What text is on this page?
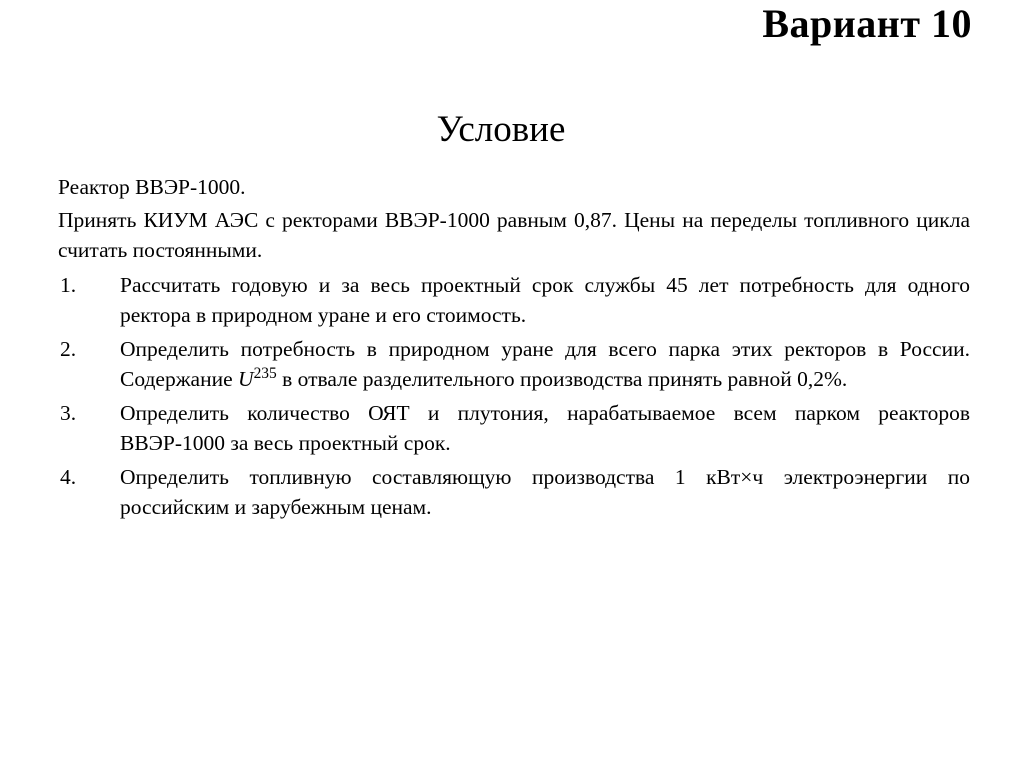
Вариант 10
Условие

Реактор ВВЭР-1000.

Принять КИУМ АЭС с ректорами ВВЭР-1000 равным 0,87. Цены на переделы топливного цикла считать постоянными.

Рассчитать годовую и за весь проектный срок службы 45 лет потребность для одного ректора в природном уране и его стоимость.
Определить потребность в природном уране для всего парка этих ректоров в России. Содержание $U^{235}$ в отвале разделительного производства принять равной 0,2%.
Определить количество ОЯТ и плутония, нарабатываемое всем парком реакторов ВВЭР-1000 за весь проектный срок.
Определить топливную составляющую производства 1 кВт×ч электроэнергии по российским и зарубежным ценам.
